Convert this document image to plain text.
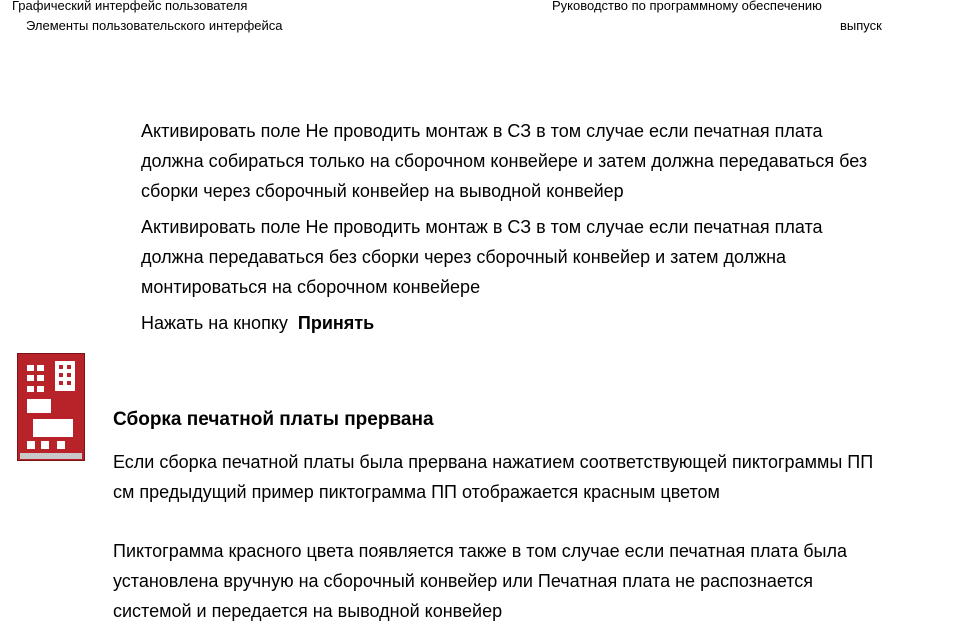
Графический интерфейс пользователя
Элементы пользовательского интерфейса
Руководство по программному обеспечению
выпуск
Активировать поле Не проводить монтаж в СЗ в том случае если печатная плата
должна собираться только на сборочном конвейере и затем должна передаваться без
сборки через сборочный конвейер на выводной конвейер
Активировать поле Не проводить монтаж в СЗ в том случае если печатная плата
должна передаваться без сборки через сборочный конвейер и затем должна
монтироваться на сборочном конвейере
Нажать на кнопку Принять
Сборка печатной платы прервана
Если сборка печатной платы была прервана нажатием соответствующей пиктограммы ПП
см предыдущий пример пиктограмма ПП отображается красным цветом
Пиктограмма красного цвета появляется также в том случае если печатная плата была
установлена вручную на сборочный конвейер или Печатная плата не распознается
системой и передается на выводной конвейер
